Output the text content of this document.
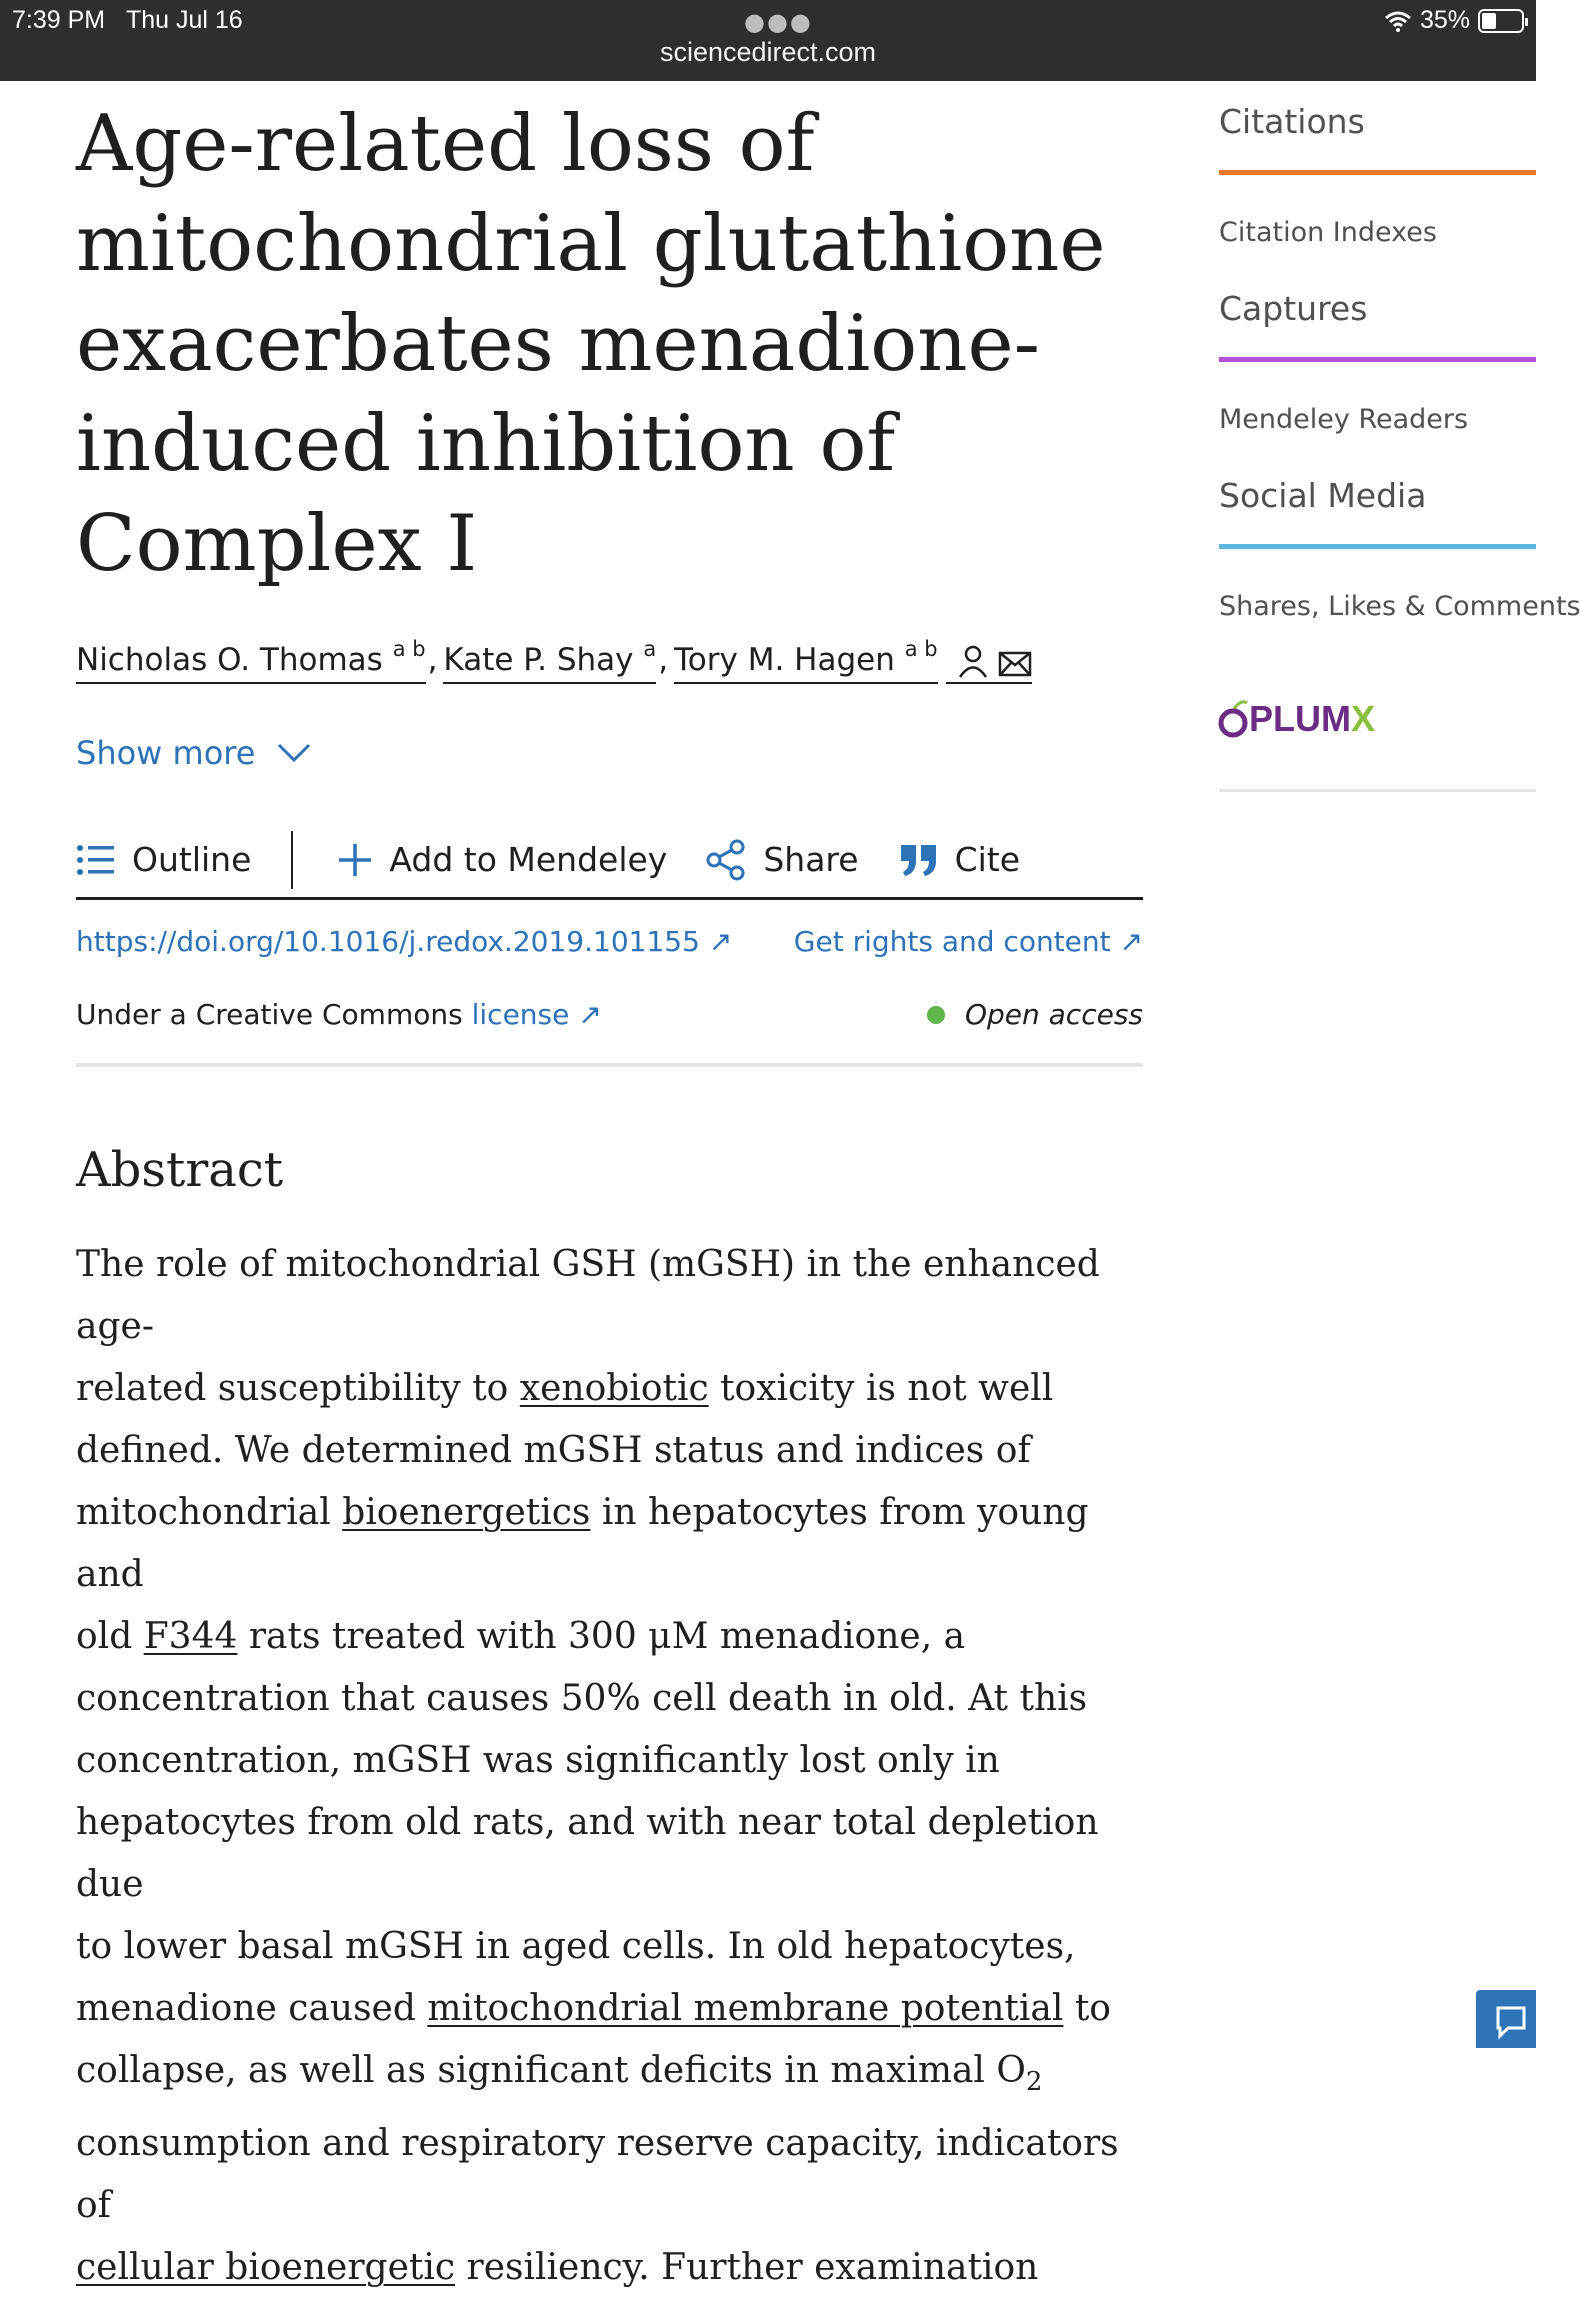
7:39 PM Thu Jul 16	●●●
sciencedirect.com
35%
Age-related loss of mitochondrial glutathione exacerbates menadione-induced inhibition of Complex I
Nicholas O. Thomas $^{a b}$ , Kate P. Shay $^a$ , Tory M. Hagen $^{a b}$
Show more
Outline	Add to Mendeley	Share	Cite
https://doi.org/10.1016/j.redox.2019.101155 ↗ Get rights and content ↗
Under a Creative Commons license ↗	Open access
Abstract
The role of mitochondrial GSH (mGSH) in the enhanced age-
related susceptibility to xenobiotic toxicity is not well
defined. We determined mGSH status and indices of
mitochondrial bioenergetics in hepatocytes from young and
old F344 rats treated with 300 μM menadione, a
concentration that causes 50% cell death in old. At this
concentration, mGSH was significantly lost only in
hepatocytes from old rats, and with near total depletion due
to lower basal mGSH in aged cells. In old hepatocytes,
menadione caused mitochondrial membrane potential to
collapse, as well as significant deficits in maximal $O_2$
consumption and respiratory reserve capacity, indicators of
cellular bioenergetic resiliency. Further examination
Citations
Citation Indexes
Captures
Mendeley Readers
Social Media
Shares, Likes & Comments
PLUM X
